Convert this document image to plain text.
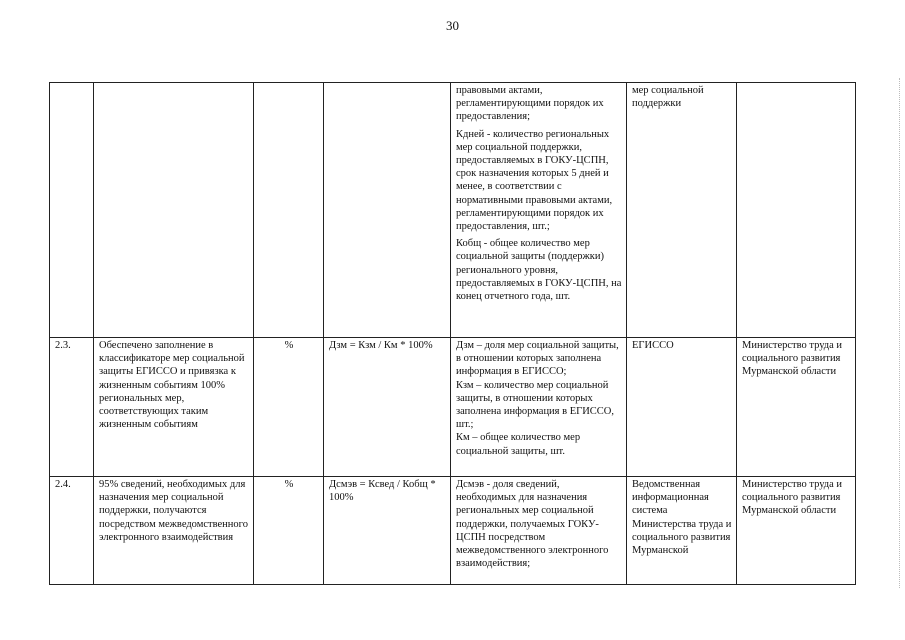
30

				правовыми актами, регламентирующими порядок их предоставления;
Кдней - количество региональных мер социальной поддержки, предоставляемых в ГОКУ-ЦСПН, срок назначения которых 5 дней и менее, в соответствии с нормативными правовыми актами, регламентирующими порядок их предоставления, шт.;
Кобщ - общее количество мер социальной защиты (поддержки) регионального уровня, предоставляемых в ГОКУ-ЦСПН, на конец отчетного года, шт.	мер социальной поддержки	
2.3.	Обеспечено заполнение в классификаторе мер социальной защиты ЕГИССО и привязка к жизненным событиям 100% региональных мер, соответствующих таким жизненным событиям	%	Дзм = Кзм / Км * 100%	Дзм – доля мер социальной защиты, в отношении которых заполнена информация в ЕГИССО;
Кзм – количество мер социальной защиты, в отношении которых заполнена информация в ЕГИССО, шт.;
Км – общее количество мер социальной защиты, шт.	ЕГИССО	Министерство труда и социального развития Мурманской области
2.4.	95% сведений, необходимых для назначения мер социальной поддержки, получаются посредством межведомственного электронного взаимодействия	%	Дсмэв = Ксвед / Кобщ * 100%	Дсмэв - доля сведений, необходимых для назначения региональных мер социальной поддержки, получаемых ГОКУ-ЦСПН посредством межведомственного электронного взаимодействия;	Ведомственная информационная система Министерства труда и социального развития Мурманской	Министерство труда и социального развития Мурманской области
